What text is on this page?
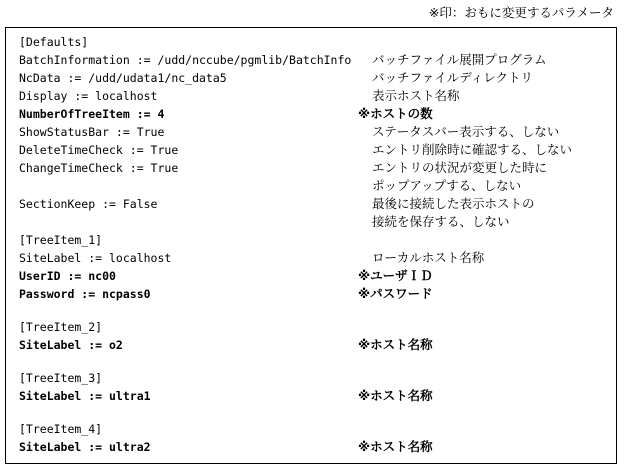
※印：おもに変更するパラメータ
[Defaults]
BatchInformation := /udd/nccube/pgmlib/BatchInfo バッチファイル展開プログラム
NcData := /udd/udata1/nc_data5	バッチファイルディレクトリ
Display := localhost	表示ホスト名称
NumberOfTreeItem := 4	※ホストの数
ShowStatusBar := True	ステータスバー表示する、しない
DeleteTimeCheck := True	エントリ削除時に確認する、しない
ChangeTimeCheck := True	エントリの状況が変更した時に
ポップアップする、しない
SectionKeep := False	最後に接続した表示ホストの
接続を保存する、しない
[TreeItem_1]
SiteLabel := localhost	ローカルホスト名称
UserID := nc00	※ユーザＩＤ
Password := ncpass0	※パスワード
[TreeItem_2]
SiteLabel := o2	※ホスト名称
[TreeItem_3]
SiteLabel := ultra1	※ホスト名称
[TreeItem_4]
SiteLabel := ultra2	※ホスト名称
